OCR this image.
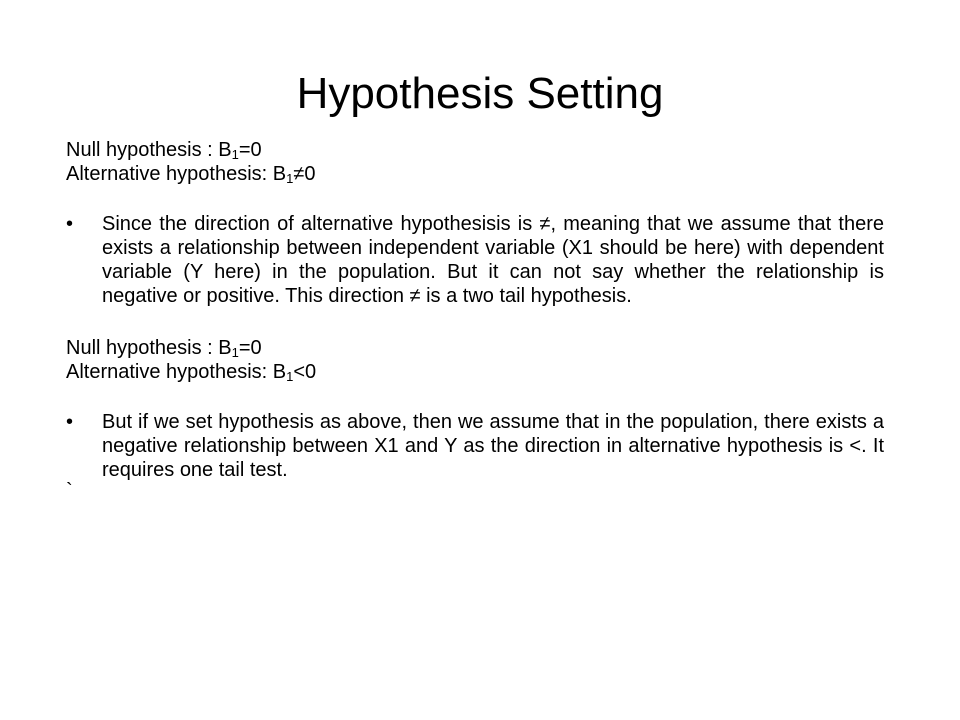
Hypothesis Setting

Null hypothesis : $B_1=0$

Alternative hypothesis: $B_1\ne 0$

• Since the direction of alternative hypothesisis is ≠, meaning that we assume that there exists a relationship between independent variable (X1 should be here) with dependent variable (Y here) in the population. But it can not say whether the relationship is negative or positive. This direction ≠ is a two tail hypothesis.

Null hypothesis : $B_1=0$

Alternative hypothesis: $B_1<0$

• But if we set hypothesis as above, then we assume that in the population, there exists a negative relationship between X1 and Y as the direction in alternative hypothesis is <. It requires one tail test.

`
